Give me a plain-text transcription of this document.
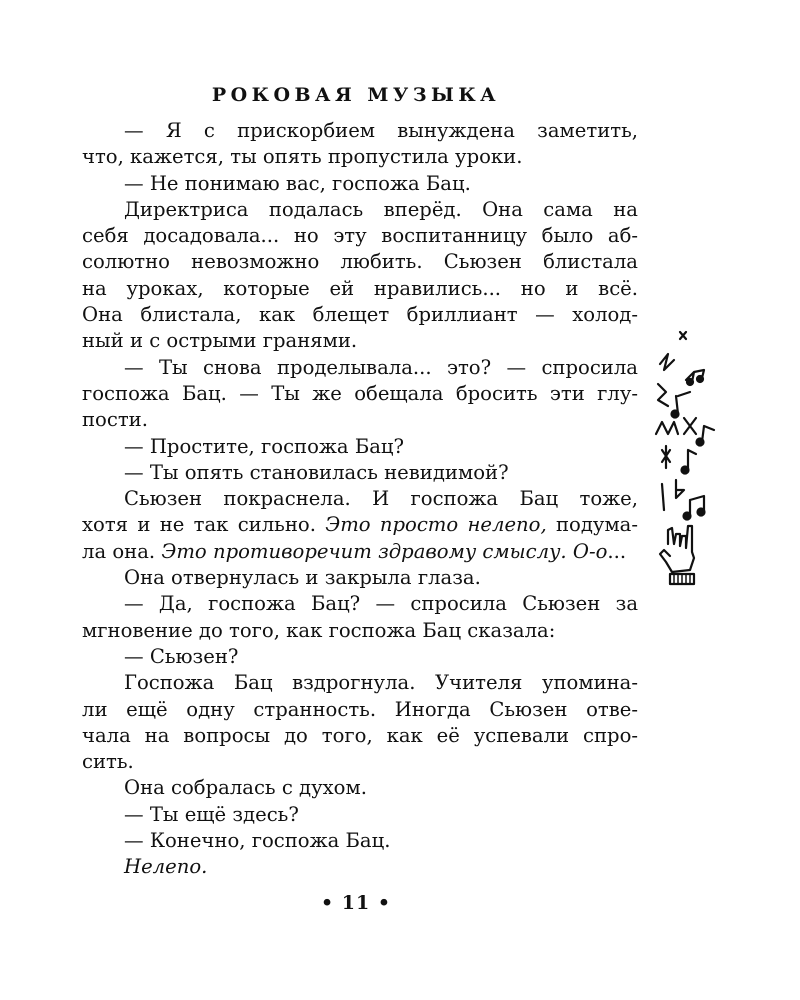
РОКОВАЯ МУЗЫКА
— Я с прискорбием вынуждена заметить,
что, кажется, ты опять пропустила уроки.
— Не понимаю вас, госпожа Бац.
Директриса подалась вперёд. Она сама на
себя досадовала... но эту воспитанницу было аб-
солютно невозможно любить. Сьюзен блистала
на уроках, которые ей нравились... но и всё.
Она блистала, как блещет бриллиант — холод-
ный и с острыми гранями.
— Ты снова проделывала... это? — спросила
госпожа Бац. — Ты же обещала бросить эти глу-
пости.
— Простите, госпожа Бац?
— Ты опять становилась невидимой?
Сьюзен покраснела. И госпожа Бац тоже,
хотя и не так сильно. Это просто нелепо, подума-
ла она. Это противоречит здравому смыслу. О-о...
Она отвернулась и закрыла глаза.
— Да, госпожа Бац? — спросила Сьюзен за
мгновение до того, как госпожа Бац сказала:
— Сьюзен?
Госпожа Бац вздрогнула. Учителя упомина-
ли ещё одну странность. Иногда Сьюзен отве-
чала на вопросы до того, как её успевали спро-
сить.
Она собралась с духом.
— Ты ещё здесь?
— Конечно, госпожа Бац.
Нелепо.
• 11 •
